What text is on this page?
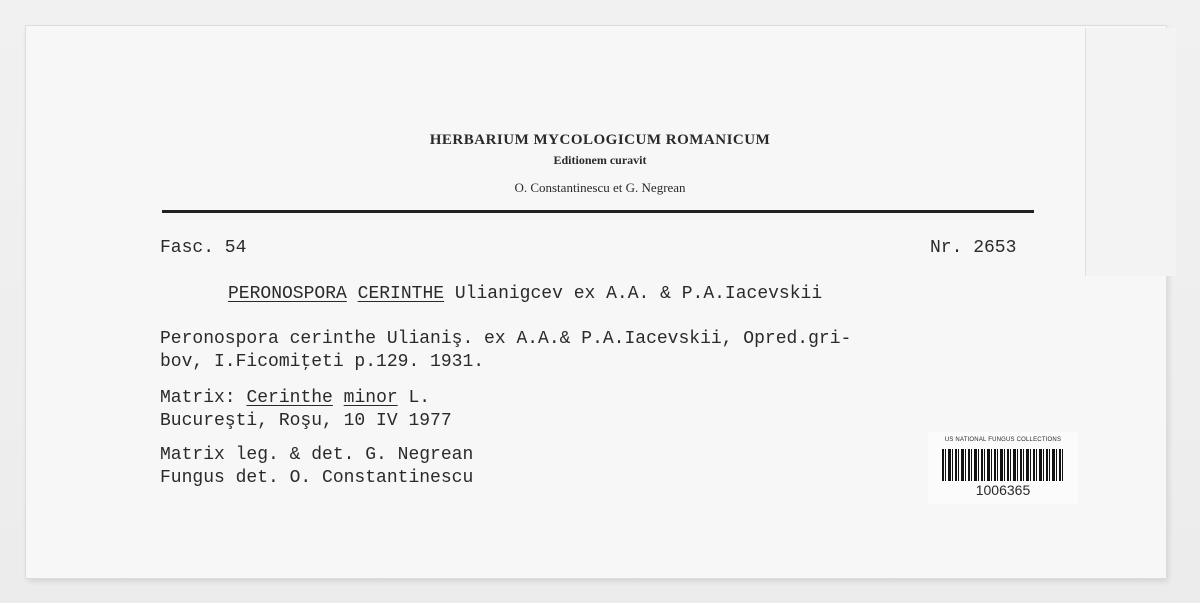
HERBARIUM MYCOLOGICUM ROMANICUM
Editionem curavit
O. Constantinescu et G. Negrean
Fasc. 54	Nr. 2653
PERONOSPORA CERINTHE Ulianigcev ex A.A. & P.A.Iacevskii
Peronospora cerinthe Ulianiş. ex A.A.& P.A.Iacevskii, Opred.gri-
bov, I.Ficomiţeti p.129. 1931.
Matrix: Cerinthe minor L.
Bucureşti, Roşu, 10 IV 1977
Matrix leg. & det. G. Negrean
Fungus det. O. Constantinescu
US NATIONAL FUNGUS COLLECTIONS
1006365
